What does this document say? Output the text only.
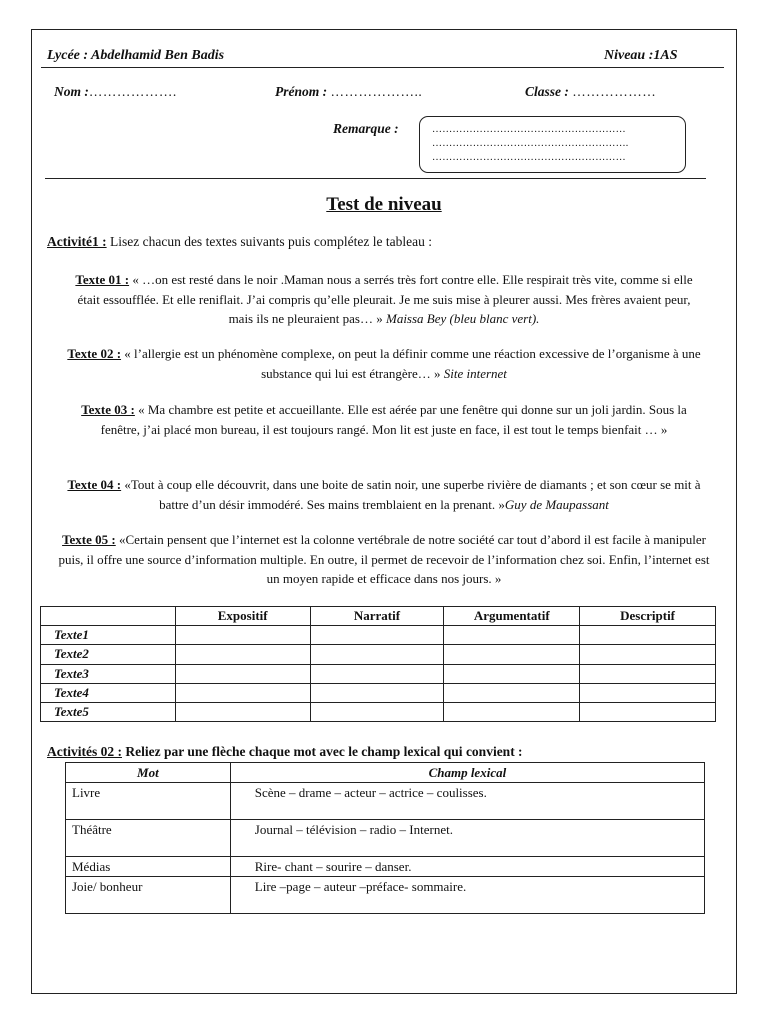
Lycée : Abdelhamid Ben Badis	Niveau :1AS
Nom :……………….	Prénom : ………………..	Classe : ………………
Remarque :	…………………………………………………
………………………………………………….
…………………………………………………
Test de niveau
Activité1 : Lisez chacun des textes suivants puis complétez le tableau :
Texte 01 : « …on est resté dans le noir .Maman nous a serrés très fort contre elle. Elle respirait très vite, comme si elle était essoufflée. Et elle reniflait. J’ai compris qu’elle pleurait. Je me suis mise à pleurer aussi. Mes frères avaient peur, mais ils ne pleuraient pas… » Maissa Bey (bleu blanc vert).
Texte 02 : « l’allergie est un phénomène complexe, on peut la définir comme une réaction excessive de l’organisme à une substance qui lui est étrangère… » Site internet
Texte 03 : « Ma chambre est petite et accueillante. Elle est aérée par une fenêtre qui donne sur un joli jardin. Sous la fenêtre, j’ai placé mon bureau, il est toujours rangé. Mon lit est juste en face, il est tout le temps bienfait … »
Texte 04 : «Tout à coup elle découvrit, dans une boite de satin noir, une superbe rivière de diamants ; et son cœur se mit à battre d’un désir immodéré. Ses mains tremblaient en la prenant. »Guy de Maupassant
Texte 05 : «Certain pensent que l’internet est la colonne vertébrale de notre société car tout d’abord il est facile à manipuler puis, il offre une source d’information multiple. En outre, il permet de recevoir de l’information chez soi. Enfin, l’internet est un moyen rapide et efficace dans nos jours. »
	Expositif	Narratif	Argumentatif	Descriptif
Texte1				
Texte2				
Texte3				
Texte4				
Texte5				
Activités 02 : Reliez par une flèche chaque mot avec le champ lexical qui convient :
Mot	Champ lexical
Livre	Scène – drame – acteur – actrice – coulisses.
Théâtre	Journal – télévision – radio – Internet.
Médias	Rire- chant – sourire – danser.
Joie/ bonheur	Lire –page – auteur –préface- sommaire.
